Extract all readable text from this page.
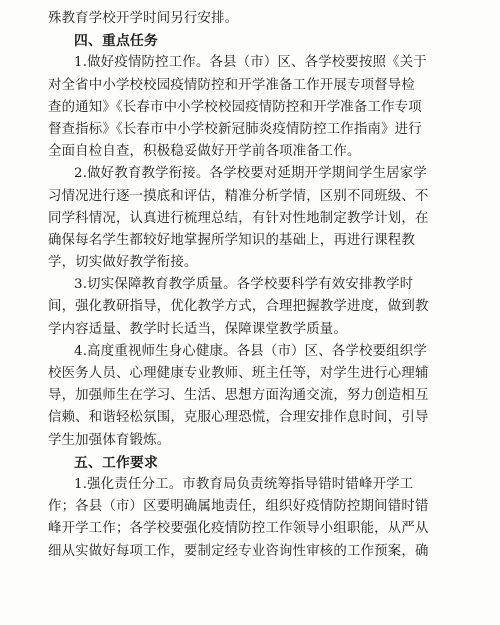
殊教育学校开学时间另行安排。
四、重点任务
1.做好疫情防控工作。各县（市）区、各学校要按照《关于
对全省中小学校校园疫情防控和开学准备工作开展专项督导检
查的通知》《长春市中小学校校园疫情防控和开学准备工作专项
督查指标》《长春市中小学校新冠肺炎疫情防控工作指南》进行
全面自检自查，积极稳妥做好开学前各项准备工作。
2.做好教育教学衔接。各学校要对延期开学期间学生居家学
习情况进行逐一摸底和评估，精准分析学情，区别不同班级、不
同学科情况，认真进行梳理总结，有针对性地制定教学计划，在
确保每名学生都较好地掌握所学知识的基础上，再进行课程教
学，切实做好教学衔接。
3.切实保障教育教学质量。各学校要科学有效安排教学时
间，强化教研指导，优化教学方式，合理把握教学进度，做到教
学内容适量、教学时长适当，保障课堂教学质量。
4.高度重视师生身心健康。各县（市）区、各学校要组织学
校医务人员、心理健康专业教师、班主任等，对学生进行心理辅
导，加强师生在学习、生活、思想方面沟通交流，努力创造相互
信赖、和谐轻松氛围，克服心理恐慌，合理安排作息时间，引导
学生加强体育锻炼。
五、工作要求
1.强化责任分工。市教育局负责统筹指导错时错峰开学工
作；各县（市）区要明确属地责任，组织好疫情防控期间错时错
峰开学工作；各学校要强化疫情防控工作领导小组职能，从严从
细从实做好每项工作，要制定经专业咨询性审核的工作预案，确
